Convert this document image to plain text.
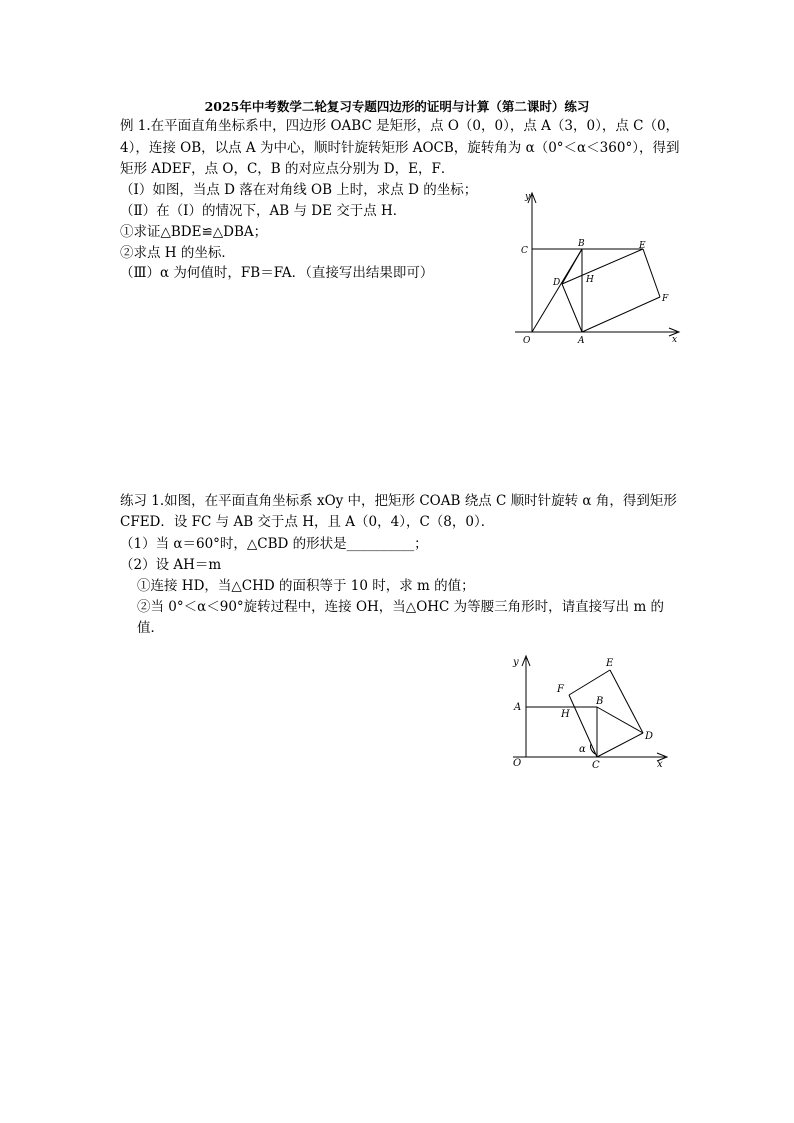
2025年中考数学二轮复习专题四边形的证明与计算（第二课时）练习
例 1.在平面直角坐标系中，四边形 OABC 是矩形，点 O（0，0），点 A（3，0），点 C（0，
4），连接 OB，以点 A 为中心，顺时针旋转矩形 AOCB，旋转角为 α（0°＜α＜360°），得到
矩形 ADEF，点 O，C，B 的对应点分别为 D，E，F．
（Ⅰ）如图，当点 D 落在对角线 OB 上时，求点 D 的坐标；
（Ⅱ）在（Ⅰ）的情况下，AB 与 DE 交于点 H．
①求证△BDE≌△DBA；
②求点 H 的坐标．
（Ⅲ）α 为何值时，FB＝FA．（直接写出结果即可）
y
x
O	A
B
C
D
E
F
H
练习 1.如图，在平面直角坐标系 xOy 中，把矩形 COAB 绕点 C 顺时针旋转 α 角，得到矩形
CFED．设 FC 与 AB 交于点 H，且 A（0，4），C（8，0）．
（1）当 α＝60°时，△CBD 的形状是__________；
（2）设 AH＝m
①连接 HD，当△CHD 的面积等于 10 时，求 m 的值；
②当 0°＜α＜90°旋转过程中，连接 OH，当△OHC 为等腰三角形时，请直接写出 m 的
值．
y
x
O
A
B
C
D
E
F
H
α
